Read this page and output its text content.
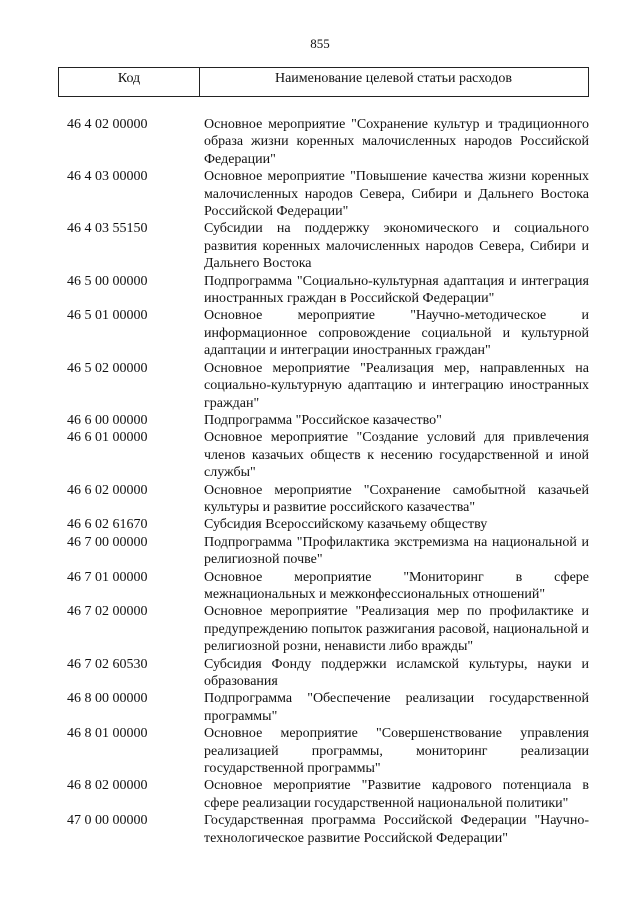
855
Код	Наименование целевой статьи расходов
46 4 02 00000	Основное мероприятие "Сохранение культур и традиционного образа жизни коренных малочисленных народов Российской Федерации"
46 4 03 00000	Основное мероприятие "Повышение качества жизни коренных малочисленных народов Севера, Сибири и Дальнего Востока Российской Федерации"
46 4 03 55150	Субсидии на поддержку экономического и социального развития коренных малочисленных народов Севера, Сибири и Дальнего Востока
46 5 00 00000	Подпрограмма "Социально-культурная адаптация и интеграция иностранных граждан в Российской Федерации"
46 5 01 00000	Основное мероприятие "Научно-методическое и информационное сопровождение социальной и культурной адаптации и интеграции иностранных граждан"
46 5 02 00000	Основное мероприятие "Реализация мер, направленных на социально-культурную адаптацию и интеграцию иностранных граждан"
46 6 00 00000	Подпрограмма "Российское казачество"
46 6 01 00000	Основное мероприятие "Создание условий для привлечения членов казачьих обществ к несению государственной и иной службы"
46 6 02 00000	Основное мероприятие "Сохранение самобытной казачьей культуры и развитие российского казачества"
46 6 02 61670	Субсидия Всероссийскому казачьему обществу
46 7 00 00000	Подпрограмма "Профилактика экстремизма на национальной и религиозной почве"
46 7 01 00000	Основное мероприятие "Мониторинг в сфере межнациональных и межконфессиональных отношений"
46 7 02 00000	Основное мероприятие "Реализация мер по профилактике и предупреждению попыток разжигания расовой, национальной и религиозной розни, ненависти либо вражды"
46 7 02 60530	Субсидия Фонду поддержки исламской культуры, науки и образования
46 8 00 00000	Подпрограмма "Обеспечение реализации государственной программы"
46 8 01 00000	Основное мероприятие "Совершенствование управления реализацией программы, мониторинг реализации государственной программы"
46 8 02 00000	Основное мероприятие "Развитие кадрового потенциала в сфере реализации государственной национальной политики"
47 0 00 00000	Государственная программа Российской Федерации "Научно-технологическое развитие Российской Федерации"
